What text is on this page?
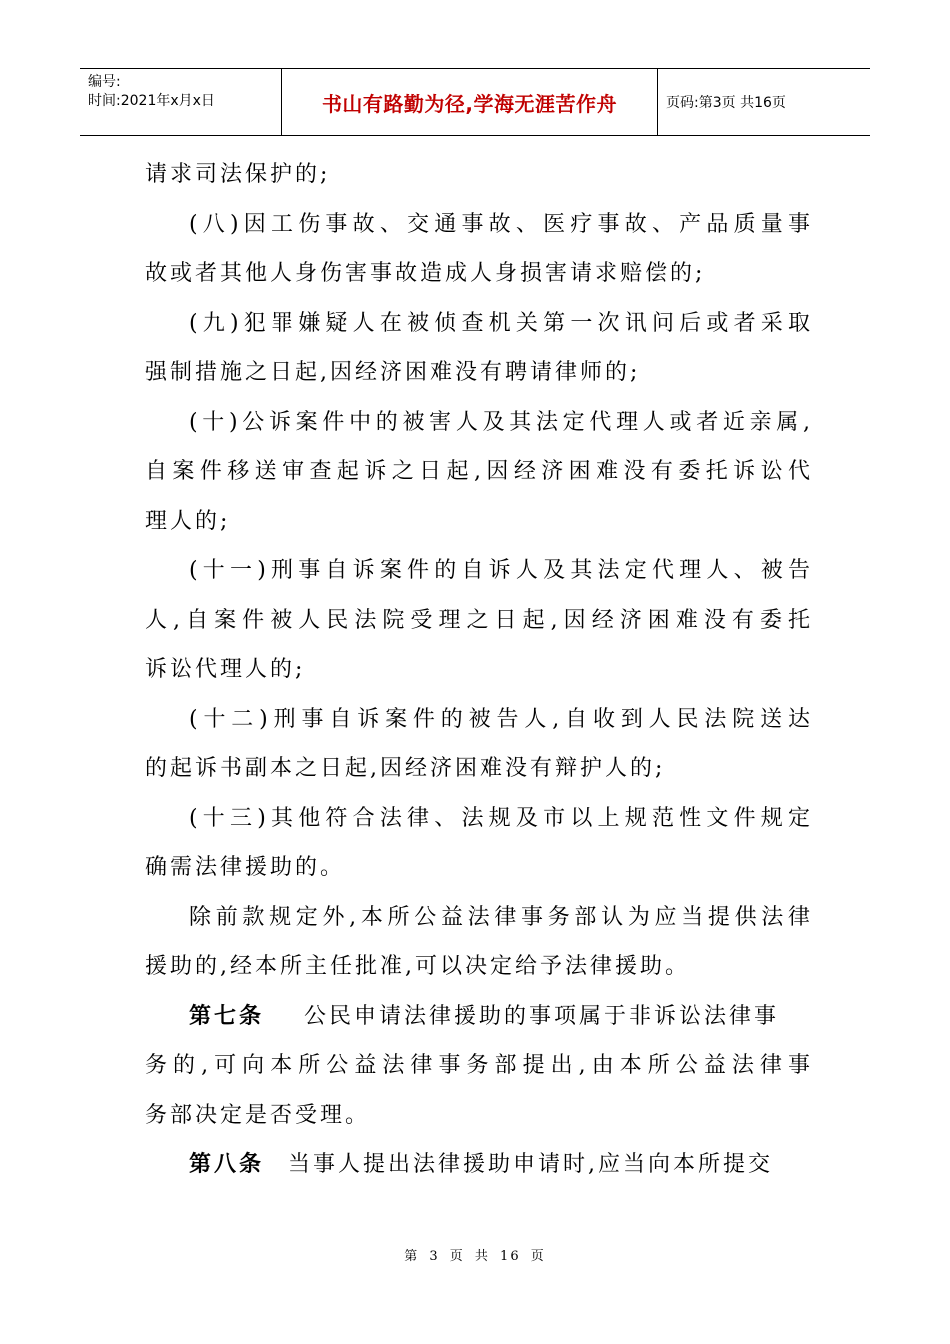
编号:
时间:2021年x月x日	书山有路勤为径,学海无涯苦作舟	页码:第3页 共16页
请求司法保护的;
(八)因工伤事故、交通事故、医疗事故、产品质量事
故或者其他人身伤害事故造成人身损害请求赔偿的;
(九)犯罪嫌疑人在被侦查机关第一次讯问后或者采取
强制措施之日起,因经济困难没有聘请律师的;
(十)公诉案件中的被害人及其法定代理人或者近亲属,
自案件移送审查起诉之日起,因经济困难没有委托诉讼代
理人的;
(十一)刑事自诉案件的自诉人及其法定代理人、被告
人,自案件被人民法院受理之日起,因经济困难没有委托
诉讼代理人的;
(十二)刑事自诉案件的被告人,自收到人民法院送达
的起诉书副本之日起,因经济困难没有辩护人的;
(十三)其他符合法律、法规及市以上规范性文件规定
确需法律援助的。
除前款规定外,本所公益法律事务部认为应当提供法律
援助的,经本所主任批准,可以决定给予法律援助。
第七条 公民申请法律援助的事项属于非诉讼法律事
务的,可向本所公益法律事务部提出,由本所公益法律事
务部决定是否受理。
第八条 当事人提出法律援助申请时,应当向本所提交
第 3 页 共 16 页
